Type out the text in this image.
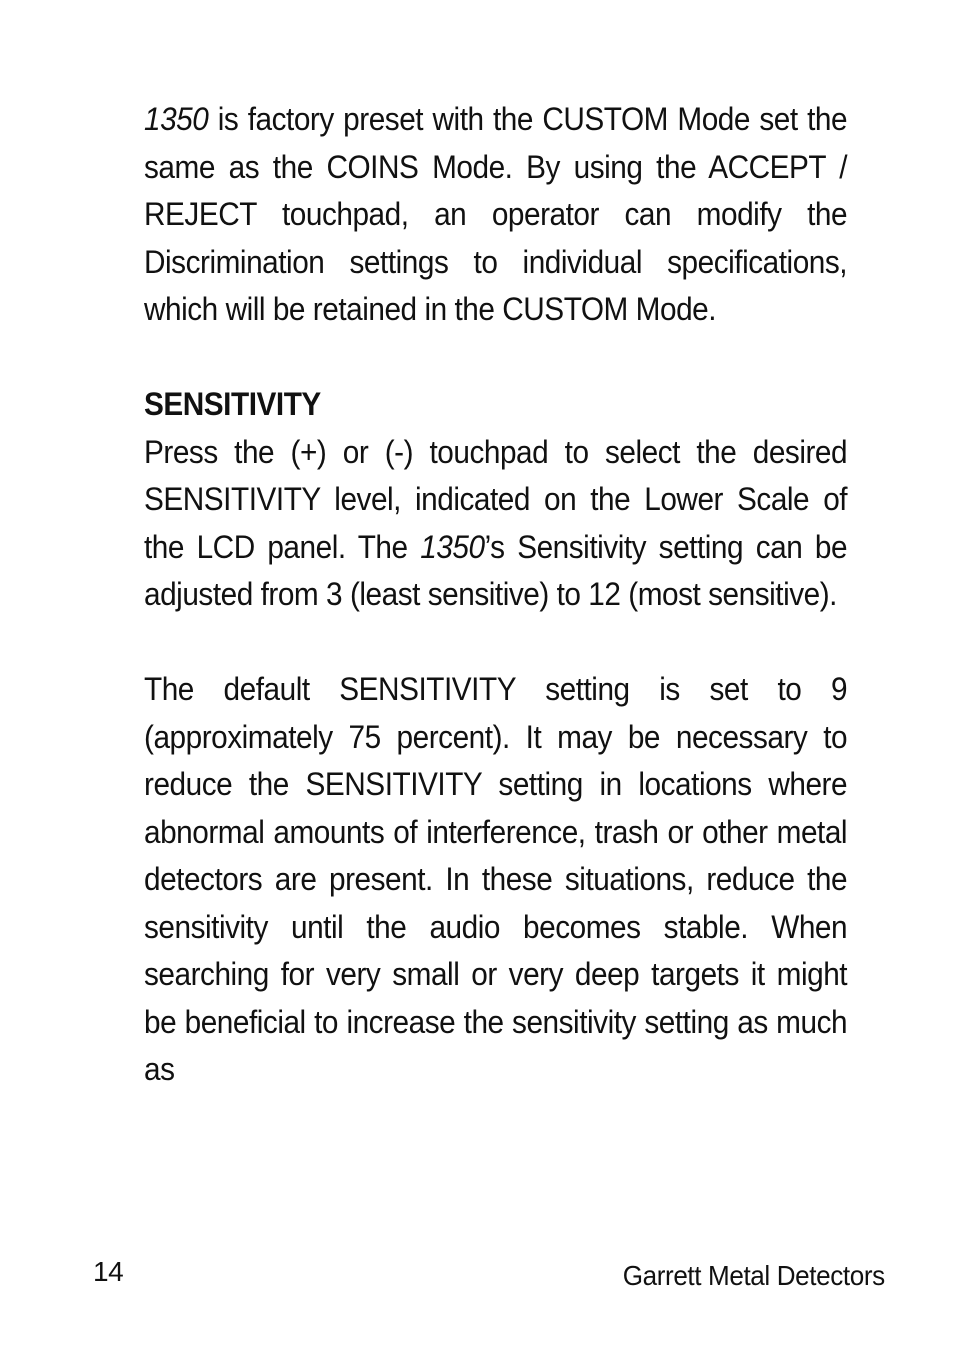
1350 is factory preset with the CUSTOM Mode set the same as the COINS Mode. By using the ACCEPT / REJECT touchpad, an operator can modify the Discrimination settings to individual specifications, which will be retained in the CUSTOM Mode.

SENSITIVITY

Press the (+) or (-) touchpad to select the desired SENSITIVITY level, indicated on the Lower Scale of the LCD panel. The 1350’s Sensitivity setting can be adjusted from 3 (least sensitive) to 12 (most sensitive).

The default SENSITIVITY setting is set to 9 (approximately 75 percent). It may be necessary to reduce the SENSITIVITY setting in locations where abnormal amounts of interference, trash or other metal detectors are present. In these situations, reduce the sensitivity until the audio becomes stable. When searching for very small or very deep targets it might be beneficial to increase the sensitivity setting as much as

14	Garrett Metal Detectors
